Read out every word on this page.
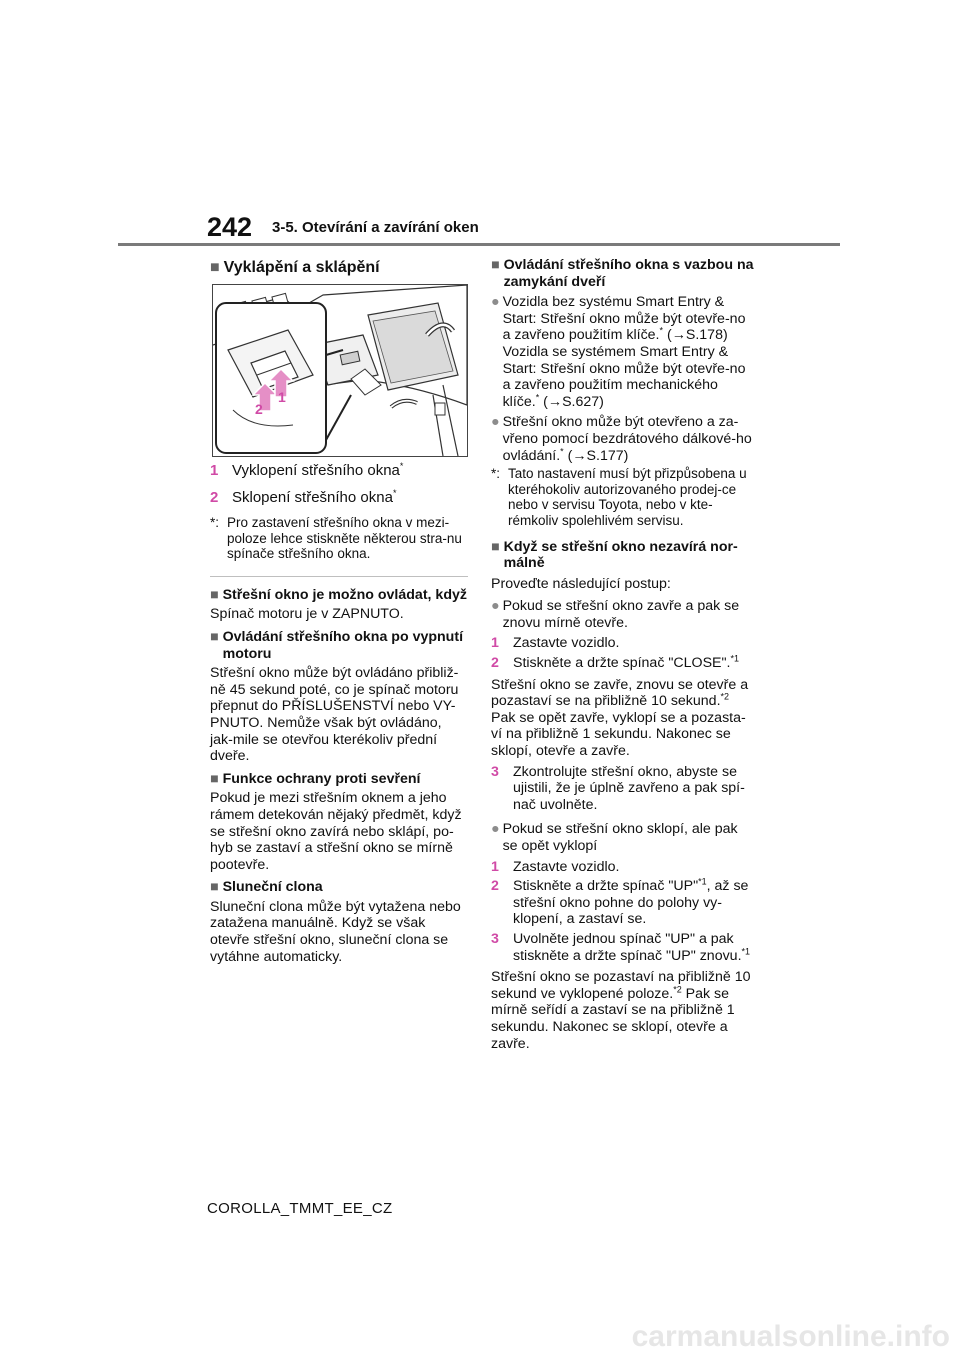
242 3-5. Otevírání a zavírání oken
■ Vyklápění a sklápění
1
2
1 Vyklopení střešního okna*
2 Sklopení střešního okna*
*: Pro zastavení střešního okna v mezi-poloze lehce stiskněte některou stra-nu spínače střešního okna.
■ Střešní okno je možno ovládat, když

Spínač motoru je v ZAPNUTO.

■ Ovládání střešního okna po vypnutí motoru

Střešní okno může být ovládáno přibliž-ně 45 sekund poté, co je spínač motoru přepnut do PŘÍSLUŠENSTVÍ nebo VY-PNUTO. Nemůže však být ovládáno, jak-mile se otevřou kterékoliv přední dveře.

■ Funkce ochrany proti sevření

Pokud je mezi střešním oknem a jeho rámem detekován nějaký předmět, když se střešní okno zavírá nebo sklápí, po-hyb se zastaví a střešní okno se mírně pootevře.

■ Sluneční clona

Sluneční clona může být vytažena nebo zatažena manuálně. Když se však otevře střešní okno, sluneční clona se vytáhne automaticky.

■ Ovládání střešního okna s vazbou na zamykání dveří
● Vozidla bez systému Smart Entry & Start: Střešní okno může být otevře-no a zavřeno použitím klíče.* (→S.178) Vozidla se systémem Smart Entry & Start: Střešní okno může být otevře-no a zavřeno použitím mechanického klíče.* (→S.627)
● Střešní okno může být otevřeno a za-vřeno pomocí bezdrátového dálkové-ho ovládání.* (→S.177)
*: Tato nastavení musí být přizpůsobena u kteréhokoliv autorizovaného prodej-ce nebo v servisu Toyota, nebo v kte-rémkoliv spolehlivém servisu.
■ Když se střešní okno nezavírá nor-málně

Proveďte následující postup:

● Pokud se střešní okno zavře a pak se znovu mírně otevře.
1 Zastavte vozidlo.
2 Stiskněte a držte spínač "CLOSE".$^{*1}$

Střešní okno se zavře, znovu se otevře a pozastaví se na přibližně 10 sekund.$^{*2}$ Pak se opět zavře, vyklopí se a pozasta-ví na přibližně 1 sekundu. Nakonec se sklopí, otevře a zavře.

3 Zkontrolujte střešní okno, abyste se ujistili, že je úplně zavřeno a pak spí-nač uvolněte.
● Pokud se střešní okno sklopí, ale pak se opět vyklopí
1 Zastavte vozidlo.
2 Stiskněte a držte spínač "UP"$^{*1}$, až se střešní okno pohne do polohy vy-klopení, a zastaví se.
3 Uvolněte jednou spínač "UP" a pak stiskněte a držte spínač "UP" znovu.$^{*1}$

Střešní okno se pozastaví na přibližně 10 sekund ve vyklopené poloze.$^{*2}$ Pak se mírně seřídí a zastaví se na přibližně 1 sekundu. Nakonec se sklopí, otevře a zavře.

COROLLA_TMMT_EE_CZ
carmanualsonline.info
